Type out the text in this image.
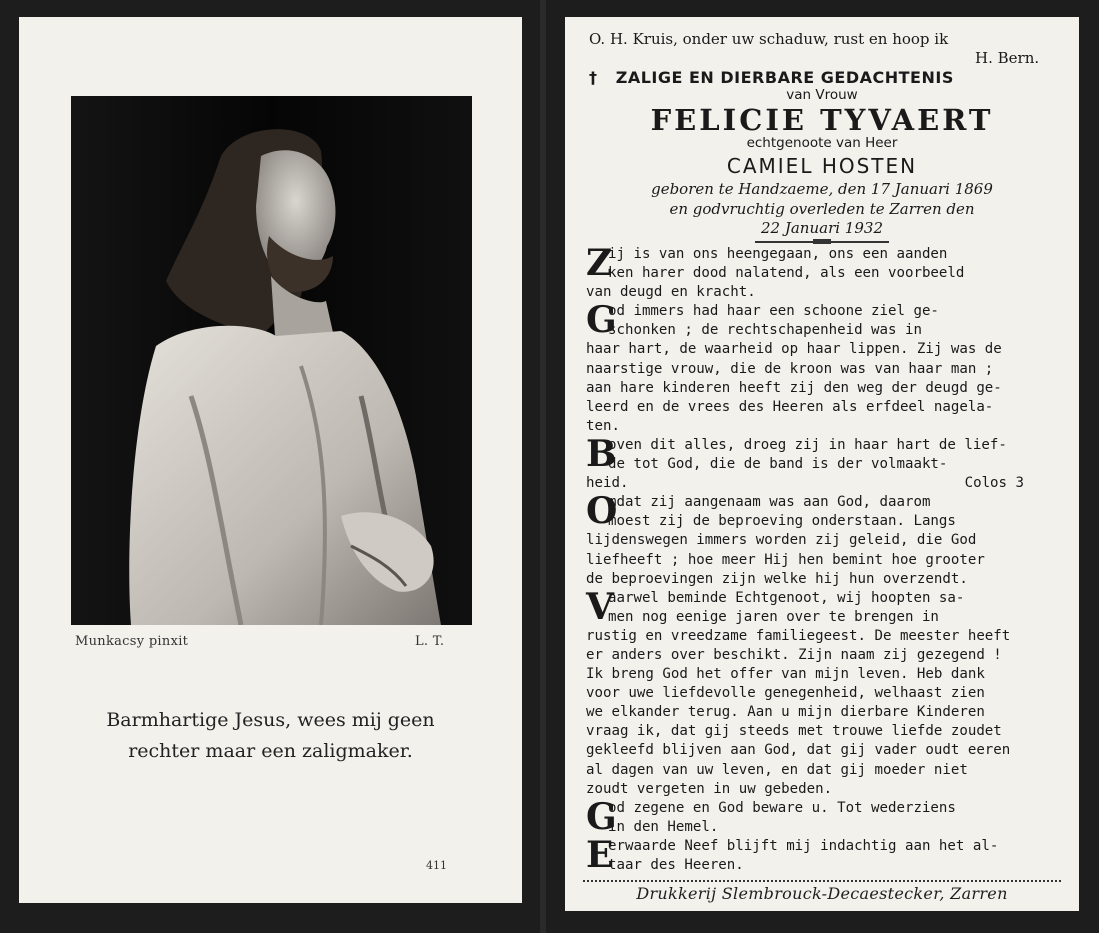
Munkacsy pinxit	L. T.
Barmhartige Jesus, wees mij geen
rechter maar een zaligmaker.
411
O. H. Kruis, onder uw schaduw, rust en hoop ik
H. Bern.
† ZALIGE EN DIERBARE GEDACHTENIS
van Vrouw
FELICIE TYVAERT
echtgenoote van Heer
CAMIEL HOSTEN
geboren te Handzaeme, den 17 Januari 1869
en godvruchtig overleden te Zarren den
22 Januari 1932
Z
ij is van ons heengegaan, ons een aanden
ken harer dood nalatend, als een voorbeeld
van deugd en kracht.
G
od immers had haar een schoone ziel ge-
schonken ; de rechtschapenheid was in
haar hart, de waarheid op haar lippen. Zij was de
naarstige vrouw, die de kroon was van haar man ;
aan hare kinderen heeft zij den weg der deugd ge-
leerd en de vrees des Heeren als erfdeel nagela-
ten.
B
oven dit alles, droeg zij in haar hart de lief-
de tot God, die de band is der volmaakt-
heid.	Colos 3
O
mdat zij aangenaam was aan God, daarom
moest zij de beproeving onderstaan. Langs
lijdenswegen immers worden zij geleid, die God
liefheeft ; hoe meer Hij hen bemint hoe grooter
de beproevingen zijn welke hij hun overzendt.
V
aarwel beminde Echtgenoot, wij hoopten sa-
men nog eenige jaren over te brengen in
rustig en vreedzame familiegeest. De meester heeft
er anders over beschikt. Zijn naam zij gezegend !
Ik breng God het offer van mijn leven. Heb dank
voor uwe liefdevolle genegenheid, welhaast zien
we elkander terug. Aan u mijn dierbare Kinderen
vraag ik, dat gij steeds met trouwe liefde zoudet
gekleefd blijven aan God, dat gij vader oudt eeren
al dagen van uw leven, en dat gij moeder niet
zoudt vergeten in uw gebeden.
G
od zegene en God beware u. Tot wederziens
in den Hemel.
E
erwaarde Neef blijft mij indachtig aan het al-
taar des Heeren.
Drukkerij Slembrouck-Decaestecker, Zarren
